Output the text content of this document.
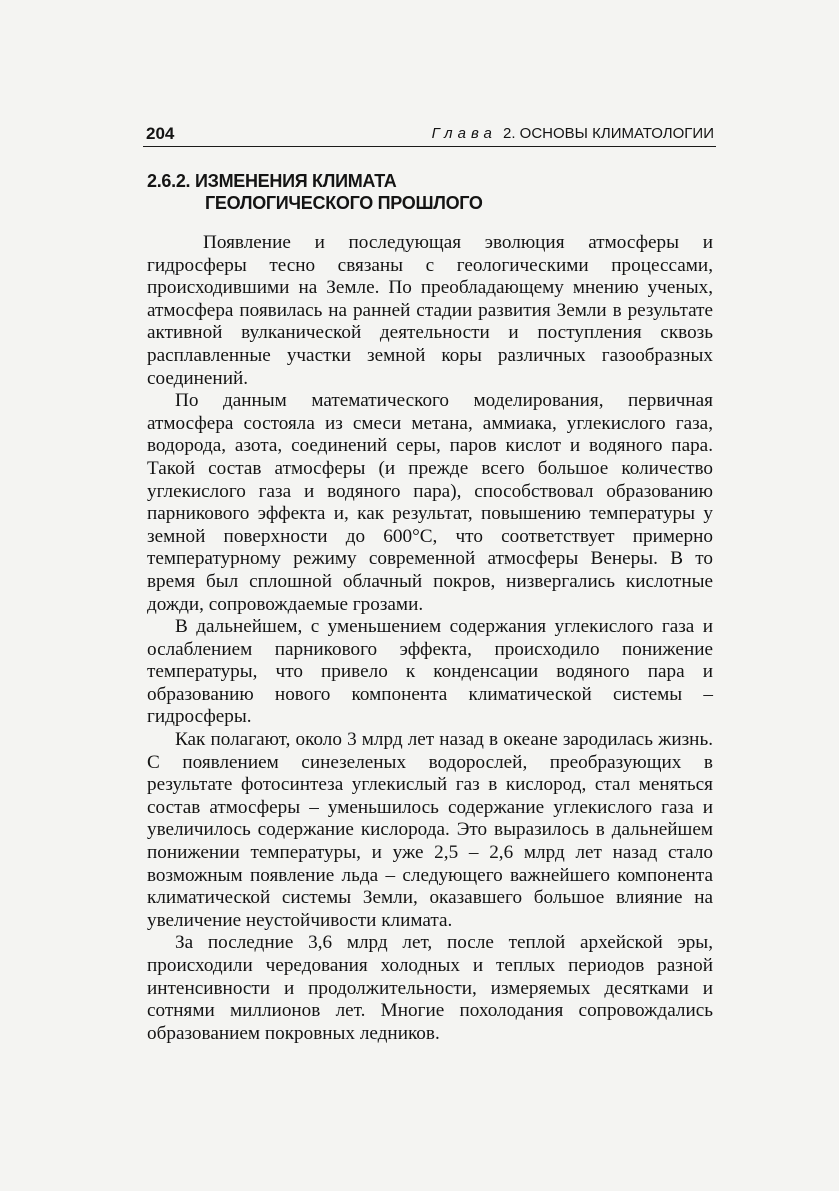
204	Глава 2. ОСНОВЫ КЛИМАТОЛОГИИ
2.6.2. ИЗМЕНЕНИЯ КЛИМАТА
ГЕОЛОГИЧЕСКОГО ПРОШЛОГО

Появление и последующая эволюция атмосферы и гидросферы тесно связаны с геологическими процессами, происходившими на Земле. По преобладающему мнению ученых, атмосфера появилась на ранней стадии развития Земли в результате активной вулканической деятельности и поступления сквозь расплавленные участки земной коры различных газообразных соединений.

По данным математического моделирования, первичная атмосфера состояла из смеси метана, аммиака, углекислого газа, водорода, азота, соединений серы, паров кислот и водяного пара. Такой состав атмосферы (и прежде всего большое количество углекислого газа и водяного пара), способствовал образованию парникового эффекта и, как результат, повышению температуры у земной поверхности до 600°С, что соответствует примерно температурному режиму современной атмосферы Венеры. В то время был сплошной облачный покров, низвергались кислотные дожди, сопровождаемые грозами.

В дальнейшем, с уменьшением содержания углекислого газа и ослаблением парникового эффекта, происходило понижение температуры, что привело к конденсации водяного пара и образованию нового компонента климатической системы – гидросферы.

Как полагают, около 3 млрд лет назад в океане зародилась жизнь. С появлением синезеленых водорослей, преобразующих в результате фотосинтеза углекислый газ в кислород, стал меняться состав атмосферы – уменьшилось содержание углекислого газа и увеличилось содержание кислорода. Это выразилось в дальнейшем понижении температуры, и уже 2,5 – 2,6 млрд лет назад стало возможным появление льда – следующего важнейшего компонента климатической системы Земли, оказавшего большое влияние на увеличение неустойчивости климата.

За последние 3,6 млрд лет, после теплой архейской эры, происходили чередования холодных и теплых периодов разной интенсивности и продолжительности, измеряемых десятками и сотнями миллионов лет. Многие похолодания сопровождались образованием покровных ледников.
